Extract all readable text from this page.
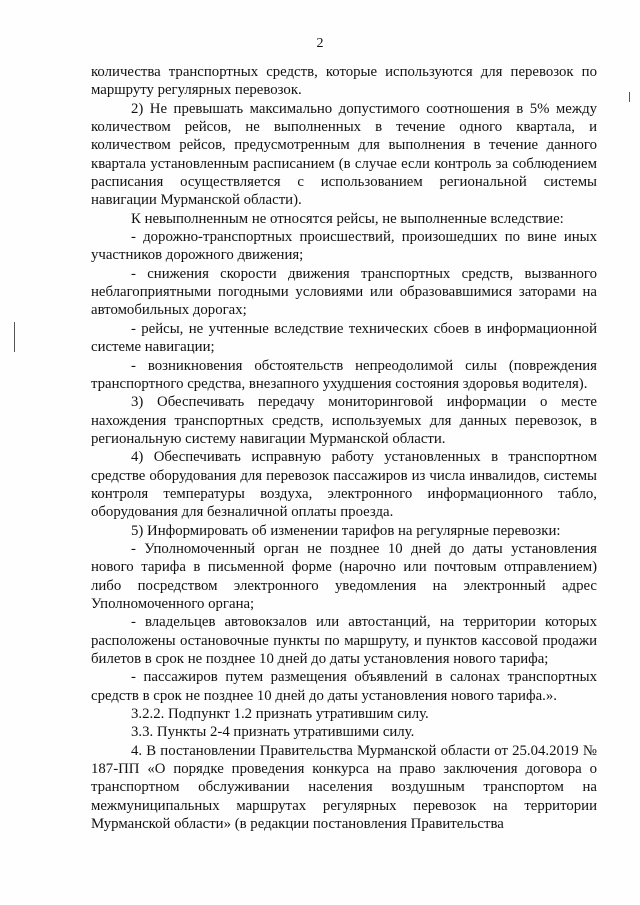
2

количества транспортных средств, которые используются для перевозок по маршруту регулярных перевозок.

2) Не превышать максимально допустимого соотношения в 5% между количеством рейсов, не выполненных в течение одного квартала, и количеством рейсов, предусмотренным для выполнения в течение данного квартала установленным расписанием (в случае если контроль за соблюдением расписания осуществляется с использованием региональной системы навигации Мурманской области).

К невыполненным не относятся рейсы, не выполненные вследствие:

- дорожно-транспортных происшествий, произошедших по вине иных участников дорожного движения;

- снижения скорости движения транспортных средств, вызванного неблагоприятными погодными условиями или образовавшимися заторами на автомобильных дорогах;

- рейсы, не учтенные вследствие технических сбоев в информационной системе навигации;

- возникновения обстоятельств непреодолимой силы (повреждения транспортного средства, внезапного ухудшения состояния здоровья водителя).

3) Обеспечивать передачу мониторинговой информации о месте нахождения транспортных средств, используемых для данных перевозок, в региональную систему навигации Мурманской области.

4) Обеспечивать исправную работу установленных в транспортном средстве оборудования для перевозок пассажиров из числа инвалидов, системы контроля температуры воздуха, электронного информационного табло, оборудования для безналичной оплаты проезда.

5) Информировать об изменении тарифов на регулярные перевозки:

- Уполномоченный орган не позднее 10 дней до даты установления нового тарифа в письменной форме (нарочно или почтовым отправлением) либо посредством электронного уведомления на электронный адрес Уполномоченного органа;

- владельцев автовокзалов или автостанций, на территории которых расположены остановочные пункты по маршруту, и пунктов кассовой продажи билетов в срок не позднее 10 дней до даты установления нового тарифа;

- пассажиров путем размещения объявлений в салонах транспортных средств в срок не позднее 10 дней до даты установления нового тарифа.».

3.2.2. Подпункт 1.2 признать утратившим силу.

3.3. Пункты 2-4 признать утратившими силу.

4. В постановлении Правительства Мурманской области от 25.04.2019 № 187-ПП «О порядке проведения конкурса на право заключения договора о транспортном обслуживании населения воздушным транспортом на межмуниципальных маршрутах регулярных перевозок на территории Мурманской области» (в редакции постановления Правительства
